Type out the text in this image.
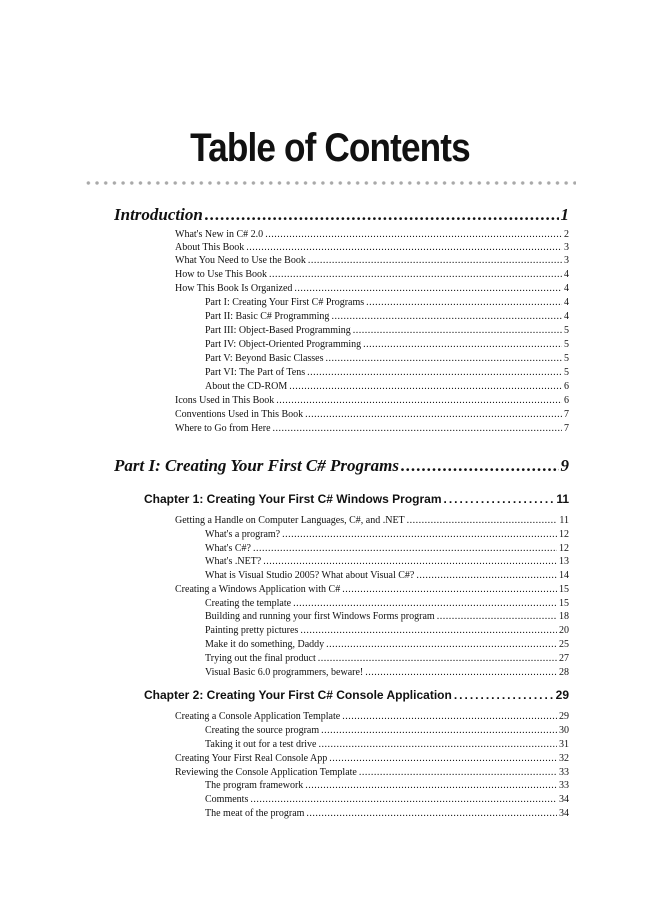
Table of Contents
Introduction .....	1
What's New in C# 2.0 .....	2
About This Book .....	3
What You Need to Use the Book .....	3
How to Use This Book .....	4
How This Book Is Organized .....	4
Part I: Creating Your First C# Programs .....	4
Part II: Basic C# Programming .....	4
Part III: Object-Based Programming .....	5
Part IV: Object-Oriented Programming .....	5
Part V: Beyond Basic Classes .....	5
Part VI: The Part of Tens .....	5
About the CD-ROM .....	6
Icons Used in This Book .....	6
Conventions Used in This Book .....	7
Where to Go from Here .....	7
Part I: Creating Your First C# Programs .....	9
Chapter 1: Creating Your First C# Windows Program .....	11
Getting a Handle on Computer Languages, C#, and .NET .....	11
What's a program? .....	12
What's C#? .....	12
What's .NET? .....	13
What is Visual Studio 2005? What about Visual C#? .....	14
Creating a Windows Application with C# .....	15
Creating the template .....	15
Building and running your first Windows Forms program .....	18
Painting pretty pictures .....	20
Make it do something, Daddy .....	25
Trying out the final product .....	27
Visual Basic 6.0 programmers, beware! .....	28
Chapter 2: Creating Your First C# Console Application .....	29
Creating a Console Application Template .....	29
Creating the source program .....	30
Taking it out for a test drive .....	31
Creating Your First Real Console App .....	32
Reviewing the Console Application Template .....	33
The program framework .....	33
Comments .....	34
The meat of the program .....	34
